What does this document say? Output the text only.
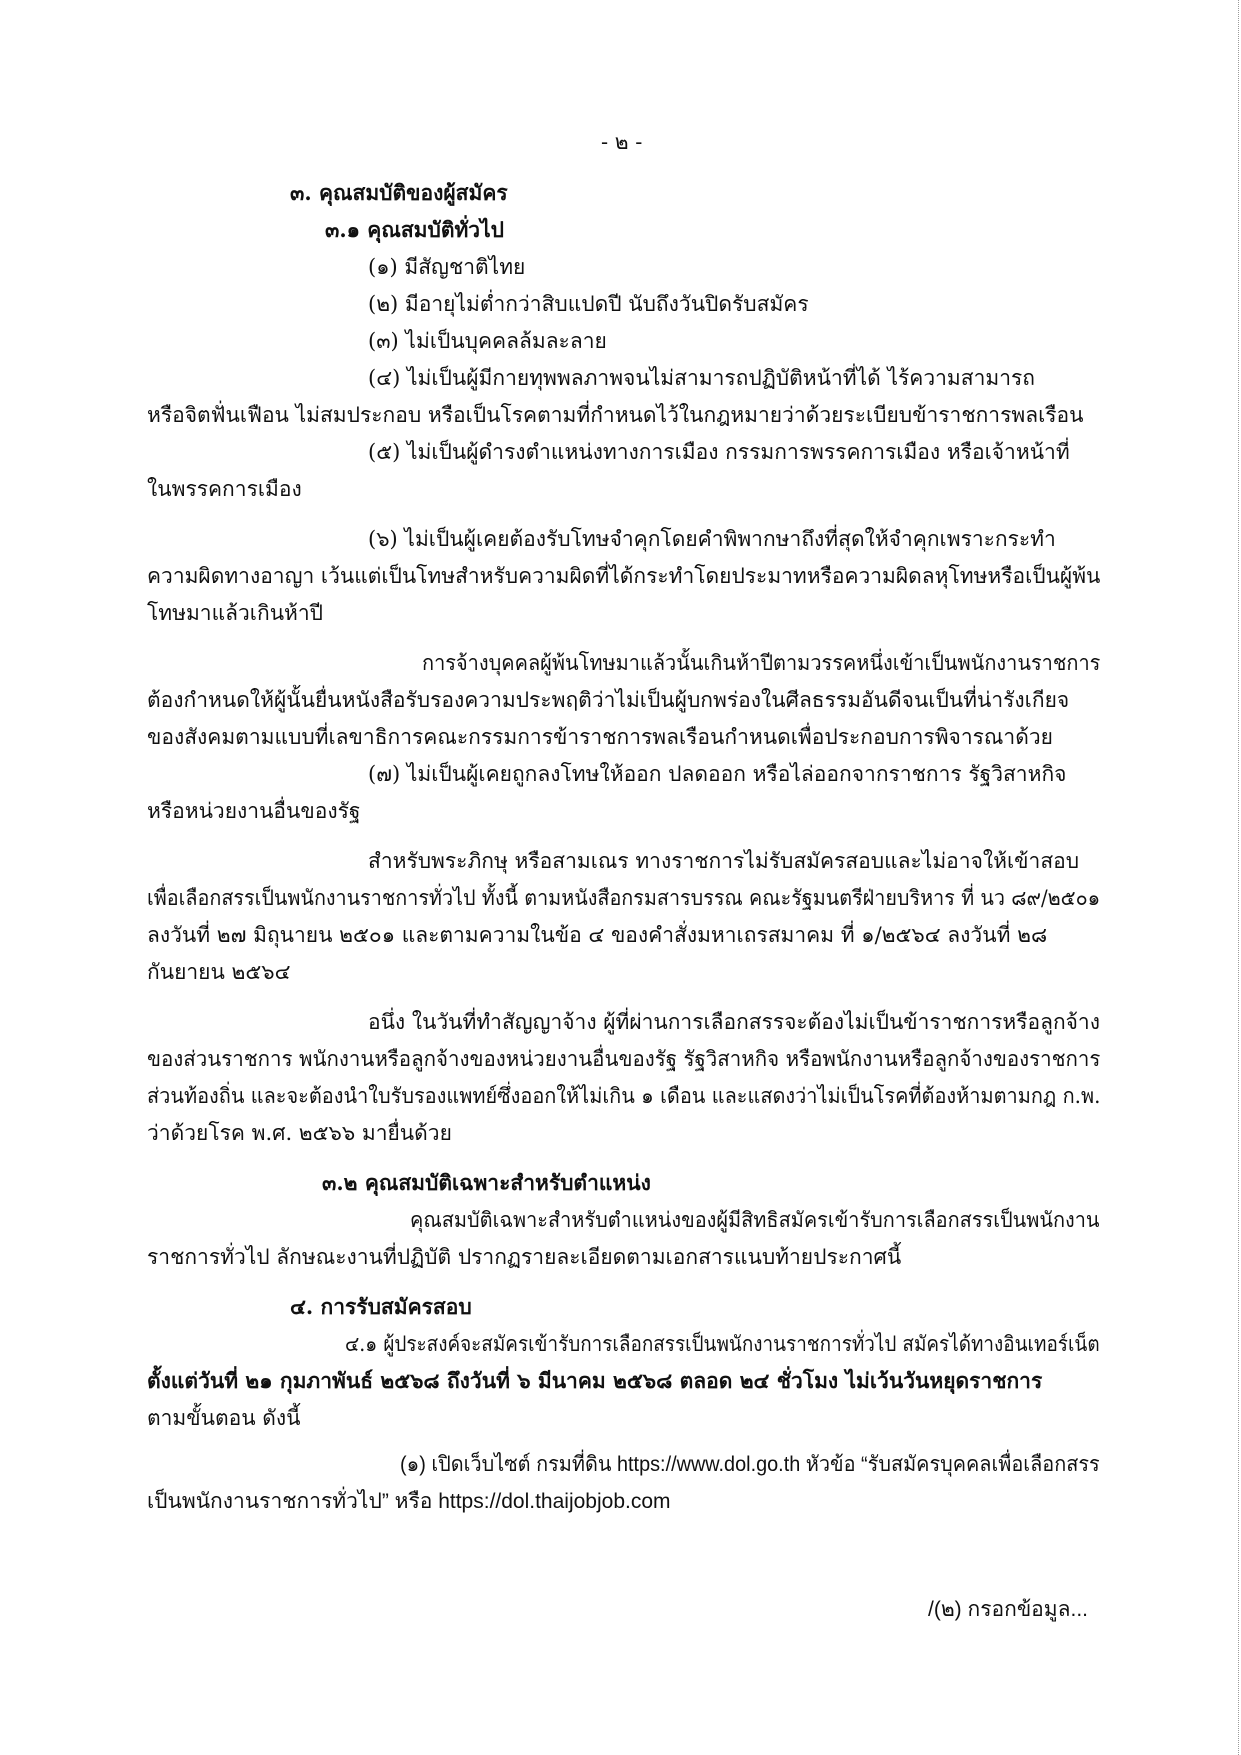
- ๒ -
๓. คุณสมบัติของผู้สมัคร
๓.๑ คุณสมบัติทั่วไป
(๑) มีสัญชาติไทย
(๒) มีอายุไม่ต่ำกว่าสิบแปดปี นับถึงวันปิดรับสมัคร
(๓) ไม่เป็นบุคคลล้มละลาย
(๔) ไม่เป็นผู้มีกายทุพพลภาพจนไม่สามารถปฏิบัติหน้าที่ได้ ไร้ความสามารถ
หรือจิตฟั่นเฟือน ไม่สมประกอบ หรือเป็นโรคตามที่กำหนดไว้ในกฎหมายว่าด้วยระเบียบข้าราชการพลเรือน
(๕) ไม่เป็นผู้ดำรงตำแหน่งทางการเมือง กรรมการพรรคการเมือง หรือเจ้าหน้าที่
ในพรรคการเมือง
(๖) ไม่เป็นผู้เคยต้องรับโทษจำคุกโดยคำพิพากษาถึงที่สุดให้จำคุกเพราะกระทำ
ความผิดทางอาญา เว้นแต่เป็นโทษสำหรับความผิดที่ได้กระทำโดยประมาทหรือความผิดลหุโทษหรือเป็นผู้พ้น
โทษมาแล้วเกินห้าปี
การจ้างบุคคลผู้พ้นโทษมาแล้วนั้นเกินห้าปีตามวรรคหนึ่งเข้าเป็นพนักงานราชการ
ต้องกำหนดให้ผู้นั้นยื่นหนังสือรับรองความประพฤติว่าไม่เป็นผู้บกพร่องในศีลธรรมอันดีจนเป็นที่น่ารังเกียจ
ของสังคมตามแบบที่เลขาธิการคณะกรรมการข้าราชการพลเรือนกำหนดเพื่อประกอบการพิจารณาด้วย
(๗) ไม่เป็นผู้เคยถูกลงโทษให้ออก ปลดออก หรือไล่ออกจากราชการ รัฐวิสาหกิจ
หรือหน่วยงานอื่นของรัฐ
สำหรับพระภิกษุ หรือสามเณร ทางราชการไม่รับสมัครสอบและไม่อาจให้เข้าสอบ
เพื่อเลือกสรรเป็นพนักงานราชการทั่วไป ทั้งนี้ ตามหนังสือกรมสารบรรณ คณะรัฐมนตรีฝ่ายบริหาร ที่ นว ๘๙/๒๕๐๑
ลงวันที่ ๒๗ มิถุนายน ๒๕๐๑ และตามความในข้อ ๔ ของคำสั่งมหาเถรสมาคม ที่ ๑/๒๕๖๔ ลงวันที่ ๒๘
กันยายน ๒๕๖๔
อนึ่ง ในวันที่ทำสัญญาจ้าง ผู้ที่ผ่านการเลือกสรรจะต้องไม่เป็นข้าราชการหรือลูกจ้าง
ของส่วนราชการ พนักงานหรือลูกจ้างของหน่วยงานอื่นของรัฐ รัฐวิสาหกิจ หรือพนักงานหรือลูกจ้างของราชการ
ส่วนท้องถิ่น และจะต้องนำใบรับรองแพทย์ซึ่งออกให้ไม่เกิน ๑ เดือน และแสดงว่าไม่เป็นโรคที่ต้องห้ามตามกฎ ก.พ.
ว่าด้วยโรค พ.ศ. ๒๕๖๖ มายื่นด้วย
๓.๒ คุณสมบัติเฉพาะสำหรับตำแหน่ง
คุณสมบัติเฉพาะสำหรับตำแหน่งของผู้มีสิทธิสมัครเข้ารับการเลือกสรรเป็นพนักงาน
ราชการทั่วไป ลักษณะงานที่ปฏิบัติ ปรากฏรายละเอียดตามเอกสารแนบท้ายประกาศนี้
๔. การรับสมัครสอบ
๔.๑ ผู้ประสงค์จะสมัครเข้ารับการเลือกสรรเป็นพนักงานราชการทั่วไป สมัครได้ทางอินเทอร์เน็ต
ตั้งแต่วันที่ ๒๑ กุมภาพันธ์ ๒๕๖๘ ถึงวันที่ ๖ มีนาคม ๒๕๖๘ ตลอด ๒๔ ชั่วโมง ไม่เว้นวันหยุดราชการ
ตามขั้นตอน ดังนี้
(๑) เปิดเว็บไซต์ กรมที่ดิน https://www.dol.go.th หัวข้อ “รับสมัครบุคคลเพื่อเลือกสรร
เป็นพนักงานราชการทั่วไป” หรือ https://dol.thaijobjob.com
/(๒) กรอกข้อมูล...
